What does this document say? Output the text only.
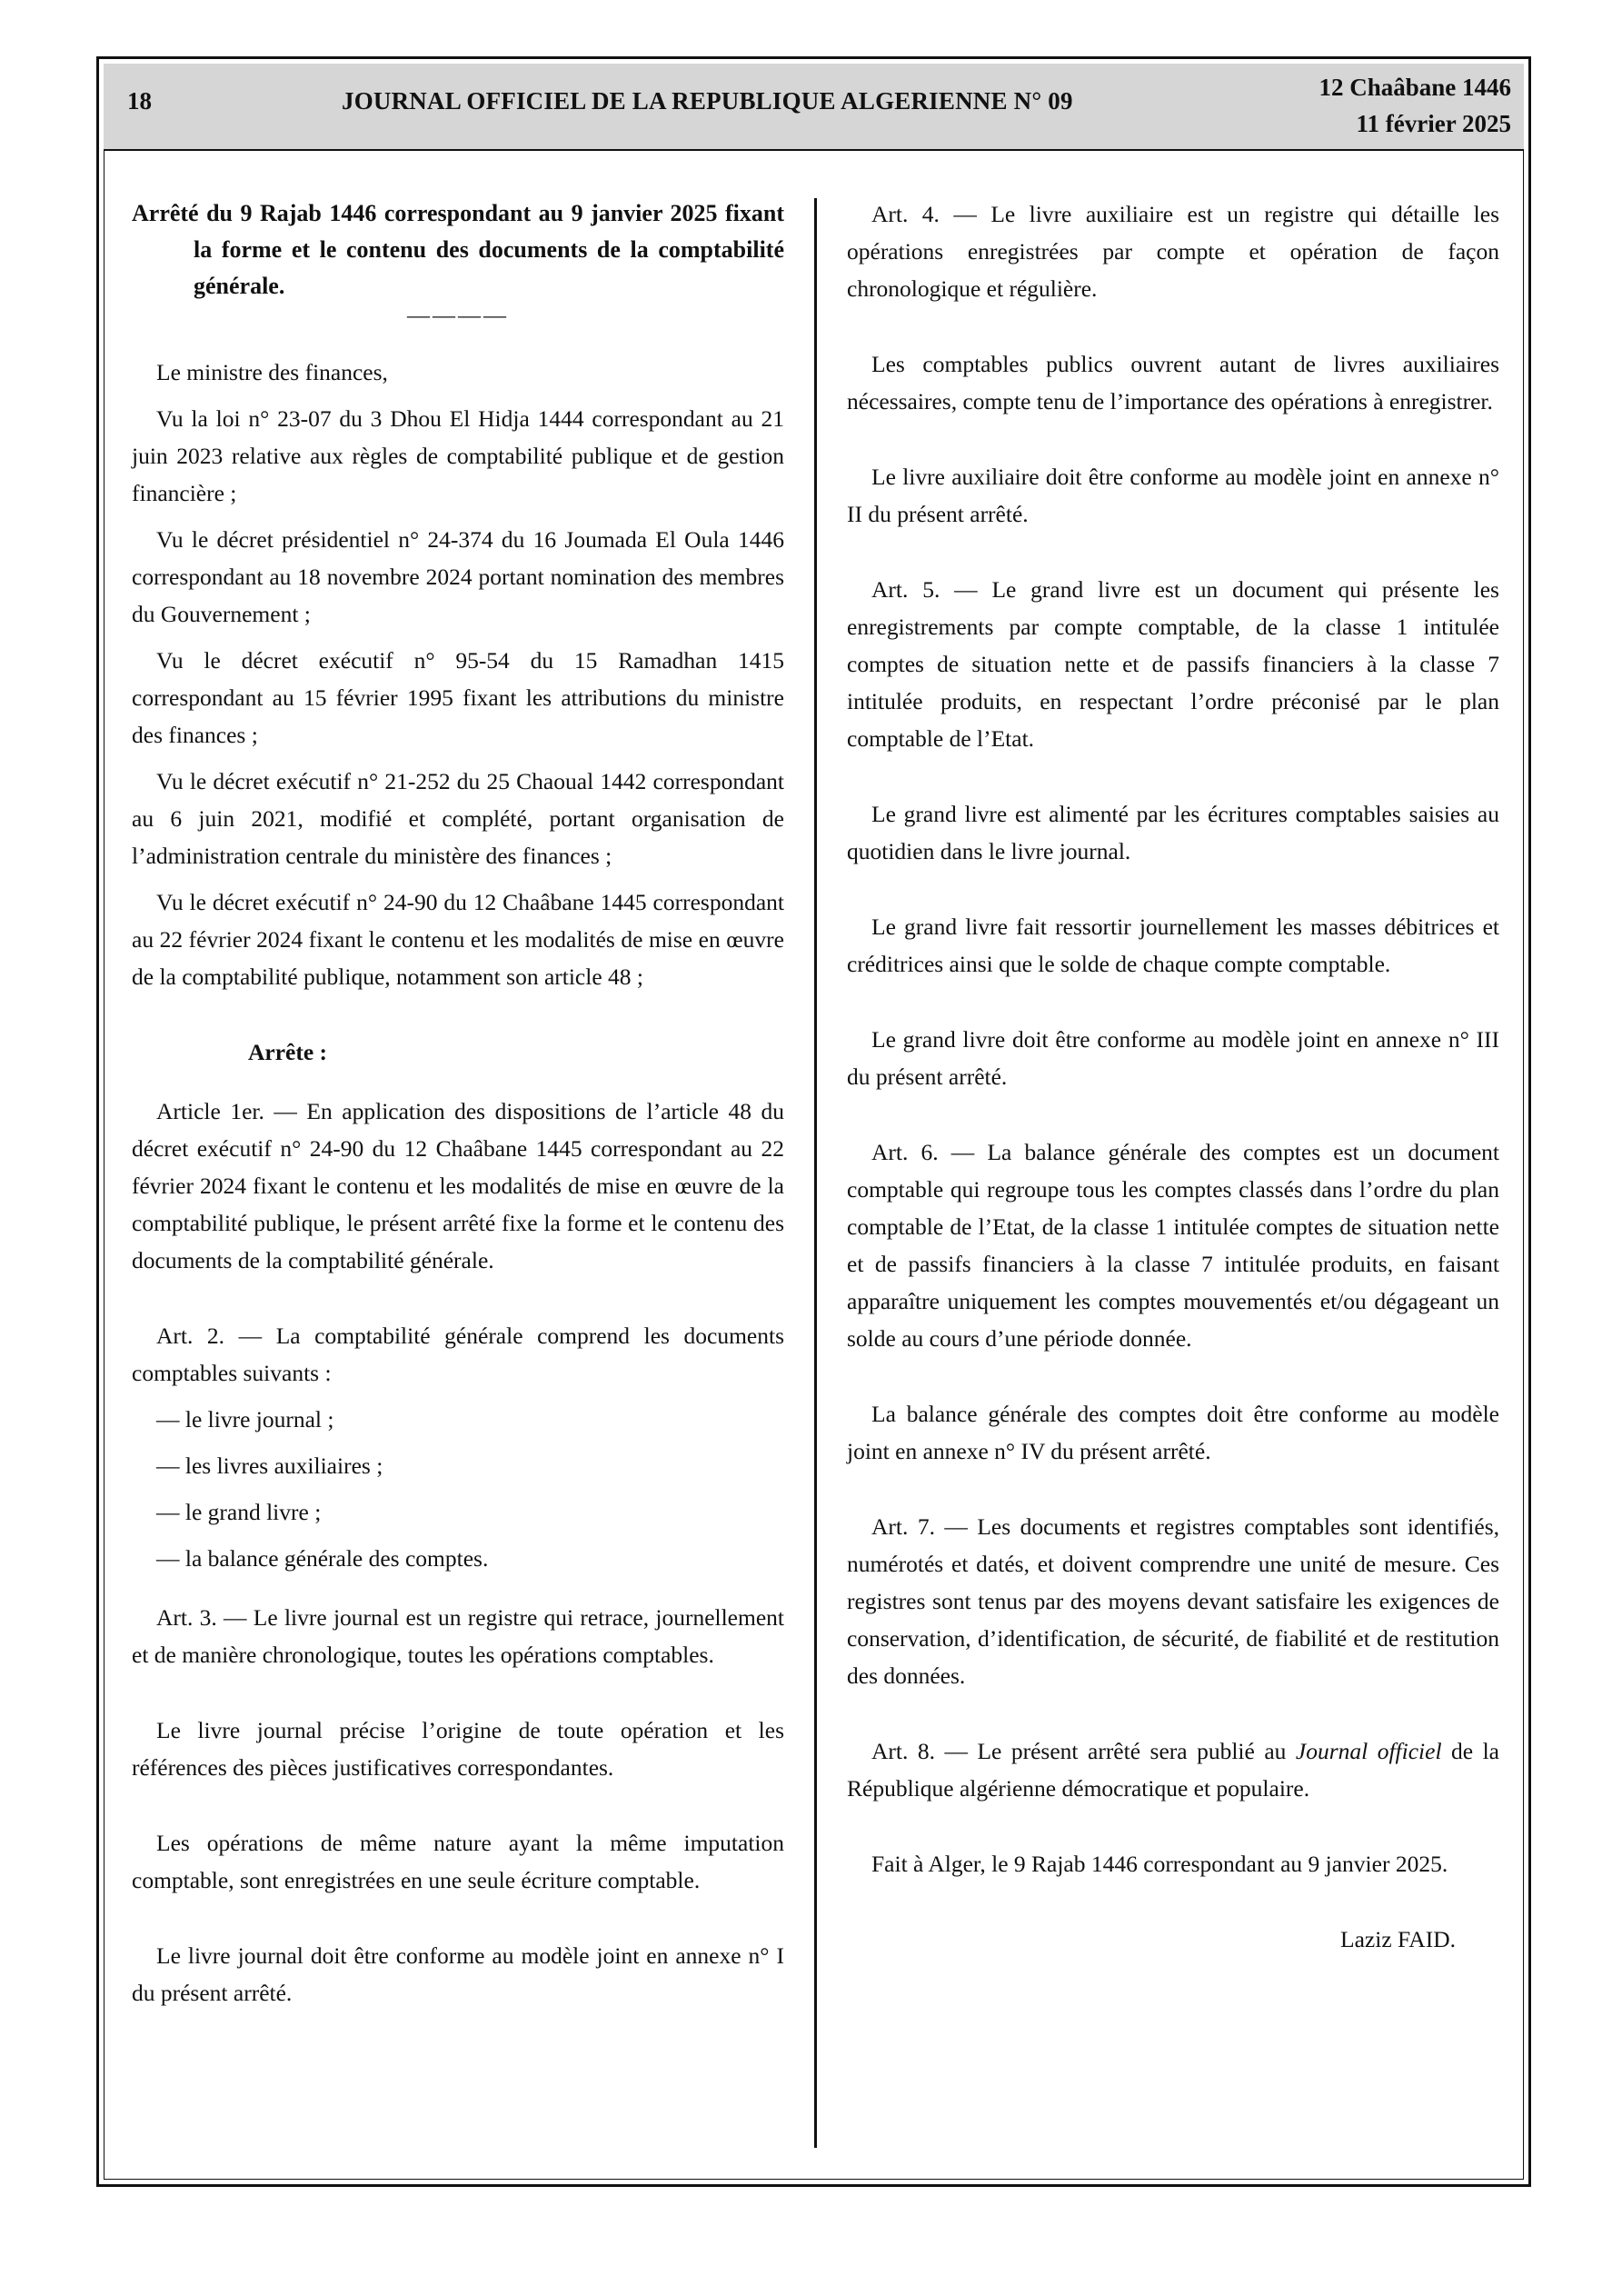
18	JOURNAL OFFICIEL DE LA REPUBLIQUE ALGERIENNE N° 09	12 Chaâbane 1446
11 février 2025

Arrêté du 9 Rajab 1446 correspondant au 9 janvier 2025 fixant la forme et le contenu des documents de la comptabilité générale.

————

Le ministre des finances,

Vu la loi n° 23-07 du 3 Dhou El Hidja 1444 correspondant au 21 juin 2023 relative aux règles de comptabilité publique et de gestion financière ;

Vu le décret présidentiel n° 24-374 du 16 Joumada El Oula 1446 correspondant au 18 novembre 2024 portant nomination des membres du Gouvernement ;

Vu le décret exécutif n° 95-54 du 15 Ramadhan 1415 correspondant au 15 février 1995 fixant les attributions du ministre des finances ;

Vu le décret exécutif n° 21-252 du 25 Chaoual 1442 correspondant au 6 juin 2021, modifié et complété, portant organisation de l’administration centrale du ministère des finances ;

Vu le décret exécutif n° 24-90 du 12 Chaâbane 1445 correspondant au 22 février 2024 fixant le contenu et les modalités de mise en œuvre de la comptabilité publique, notamment son article 48 ;

Arrête :

Article 1er. — En application des dispositions de l’article 48 du décret exécutif n° 24-90 du 12 Chaâbane 1445 correspondant au 22 février 2024 fixant le contenu et les modalités de mise en œuvre de la comptabilité publique, le présent arrêté fixe la forme et le contenu des documents de la comptabilité générale.

Art. 2. — La comptabilité générale comprend les documents comptables suivants :

— le livre journal ;

— les livres auxiliaires ;

— le grand livre ;

— la balance générale des comptes.

Art. 3. — Le livre journal est un registre qui retrace, journellement et de manière chronologique, toutes les opérations comptables.

Le livre journal précise l’origine de toute opération et les références des pièces justificatives correspondantes.

Les opérations de même nature ayant la même imputation comptable, sont enregistrées en une seule écriture comptable.

Le livre journal doit être conforme au modèle joint en annexe n° I du présent arrêté.

Art. 4. — Le livre auxiliaire est un registre qui détaille les opérations enregistrées par compte et opération de façon chronologique et régulière.

Les comptables publics ouvrent autant de livres auxiliaires nécessaires, compte tenu de l’importance des opérations à enregistrer.

Le livre auxiliaire doit être conforme au modèle joint en annexe n° II du présent arrêté.

Art. 5. — Le grand livre est un document qui présente les enregistrements par compte comptable, de la classe 1 intitulée comptes de situation nette et de passifs financiers à la classe 7 intitulée produits, en respectant l’ordre préconisé par le plan comptable de l’Etat.

Le grand livre est alimenté par les écritures comptables saisies au quotidien dans le livre journal.

Le grand livre fait ressortir journellement les masses débitrices et créditrices ainsi que le solde de chaque compte comptable.

Le grand livre doit être conforme au modèle joint en annexe n° III du présent arrêté.

Art. 6. — La balance générale des comptes est un document comptable qui regroupe tous les comptes classés dans l’ordre du plan comptable de l’Etat, de la classe 1 intitulée comptes de situation nette et de passifs financiers à la classe 7 intitulée produits, en faisant apparaître uniquement les comptes mouvementés et/ou dégageant un solde au cours d’une période donnée.

La balance générale des comptes doit être conforme au modèle joint en annexe n° IV du présent arrêté.

Art. 7. — Les documents et registres comptables sont identifiés, numérotés et datés, et doivent comprendre une unité de mesure. Ces registres sont tenus par des moyens devant satisfaire les exigences de conservation, d’identification, de sécurité, de fiabilité et de restitution des données.

Art. 8. — Le présent arrêté sera publié au Journal officiel de la République algérienne démocratique et populaire.

Fait à Alger, le 9 Rajab 1446 correspondant au 9 janvier 2025.

Laziz FAID.
